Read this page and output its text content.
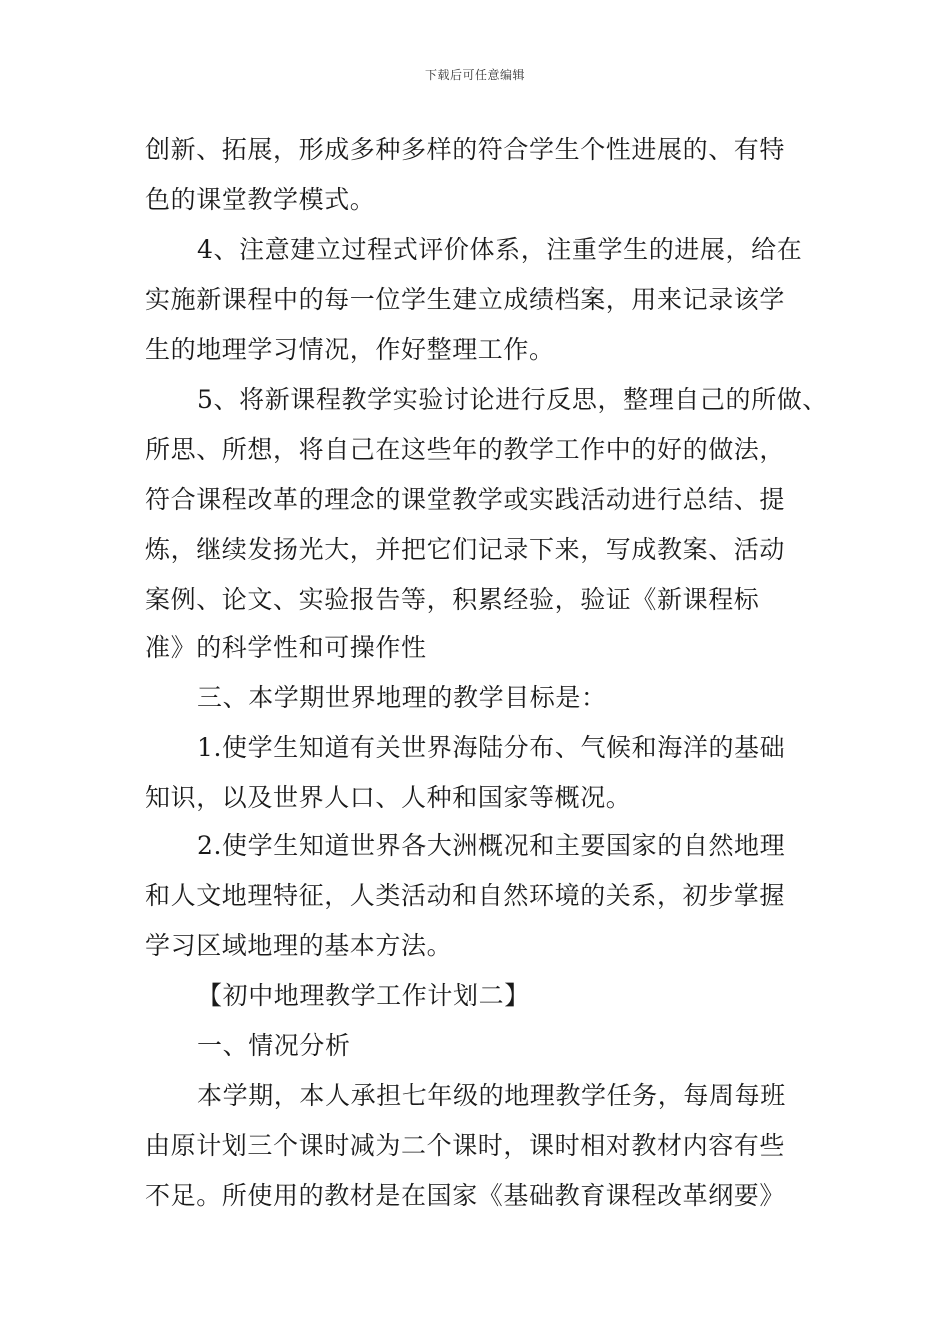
下载后可任意编辑
创新、拓展，形成多种多样的符合学生个性进展的、有特
色的课堂教学模式。
4、注意建立过程式评价体系，注重学生的进展，给在
实施新课程中的每一位学生建立成绩档案，用来记录该学
生的地理学习情况，作好整理工作。
5、将新课程教学实验讨论进行反思，整理自己的所做、
所思、所想，将自己在这些年的教学工作中的好的做法，
符合课程改革的理念的课堂教学或实践活动进行总结、提
炼，继续发扬光大，并把它们记录下来，写成教案、活动
案例、论文、实验报告等，积累经验，验证《新课程标
准》的科学性和可操作性
三、本学期世界地理的教学目标是：
1.使学生知道有关世界海陆分布、气候和海洋的基础
知识，以及世界人口、人种和国家等概况。
2.使学生知道世界各大洲概况和主要国家的自然地理
和人文地理特征，人类活动和自然环境的关系，初步掌握
学习区域地理的基本方法。
【初中地理教学工作计划二】
一、情况分析
本学期，本人承担七年级的地理教学任务，每周每班
由原计划三个课时减为二个课时，课时相对教材内容有些
不足。所使用的教材是在国家《基础教育课程改革纲要》
